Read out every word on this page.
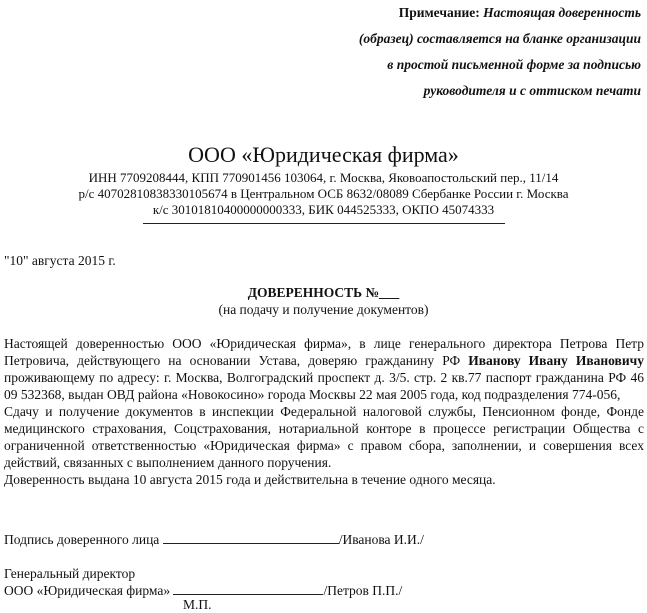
Примечание: Настоящая доверенность
(образец) составляется на бланке организации
в простой письменной форме за подписью
руководителя и с оттиском печати
ООО «Юридическая фирма»
ИНН 7709208444, КПП 770901456 103064, г. Москва, Яковоапостольский пер., 11/14
р/с 40702810838330105674 в Центральном ОСБ 8632/08089 Сбербанке России г. Москва
к/с 30101810400000000333, БИК 044525333, ОКПО 45074333
"10" августа 2015 г.
ДОВЕРЕННОСТЬ №___
(на подачу и получение документов)

Настоящей доверенностью ООО «Юридическая фирма», в лице генерального директора Петрова Петр Петровича, действующего на основании Устава, доверяю гражданину РФ Иванову Ивану Ивановичу проживающему по адресу: г. Москва, Волгоградский проспект д. 3/5. стр. 2 кв.77 паспорт гражданина РФ 46 09 532368, выдан ОВД района «Новокосино» города Москвы 22 мая 2005 года, код подразделения 774-056,

Сдачу и получение документов в инспекции Федеральной налоговой службы, Пенсионном фонде, Фонде медицинского страхования, Соцстрахования, нотариальной конторе в процессе регистрации Общества с ограниченной ответственностью «Юридическая фирма» с правом сбора, заполнении, и совершения всех действий, связанных с выполнением данного поручения.

Доверенность выдана 10 августа 2015 года и действительна в течение одного месяца.

Подпись доверенного лица	/Иванова И.И./
Генеральный директор
ООО «Юридическая фирма»	/Петров П.П./
М.П.
